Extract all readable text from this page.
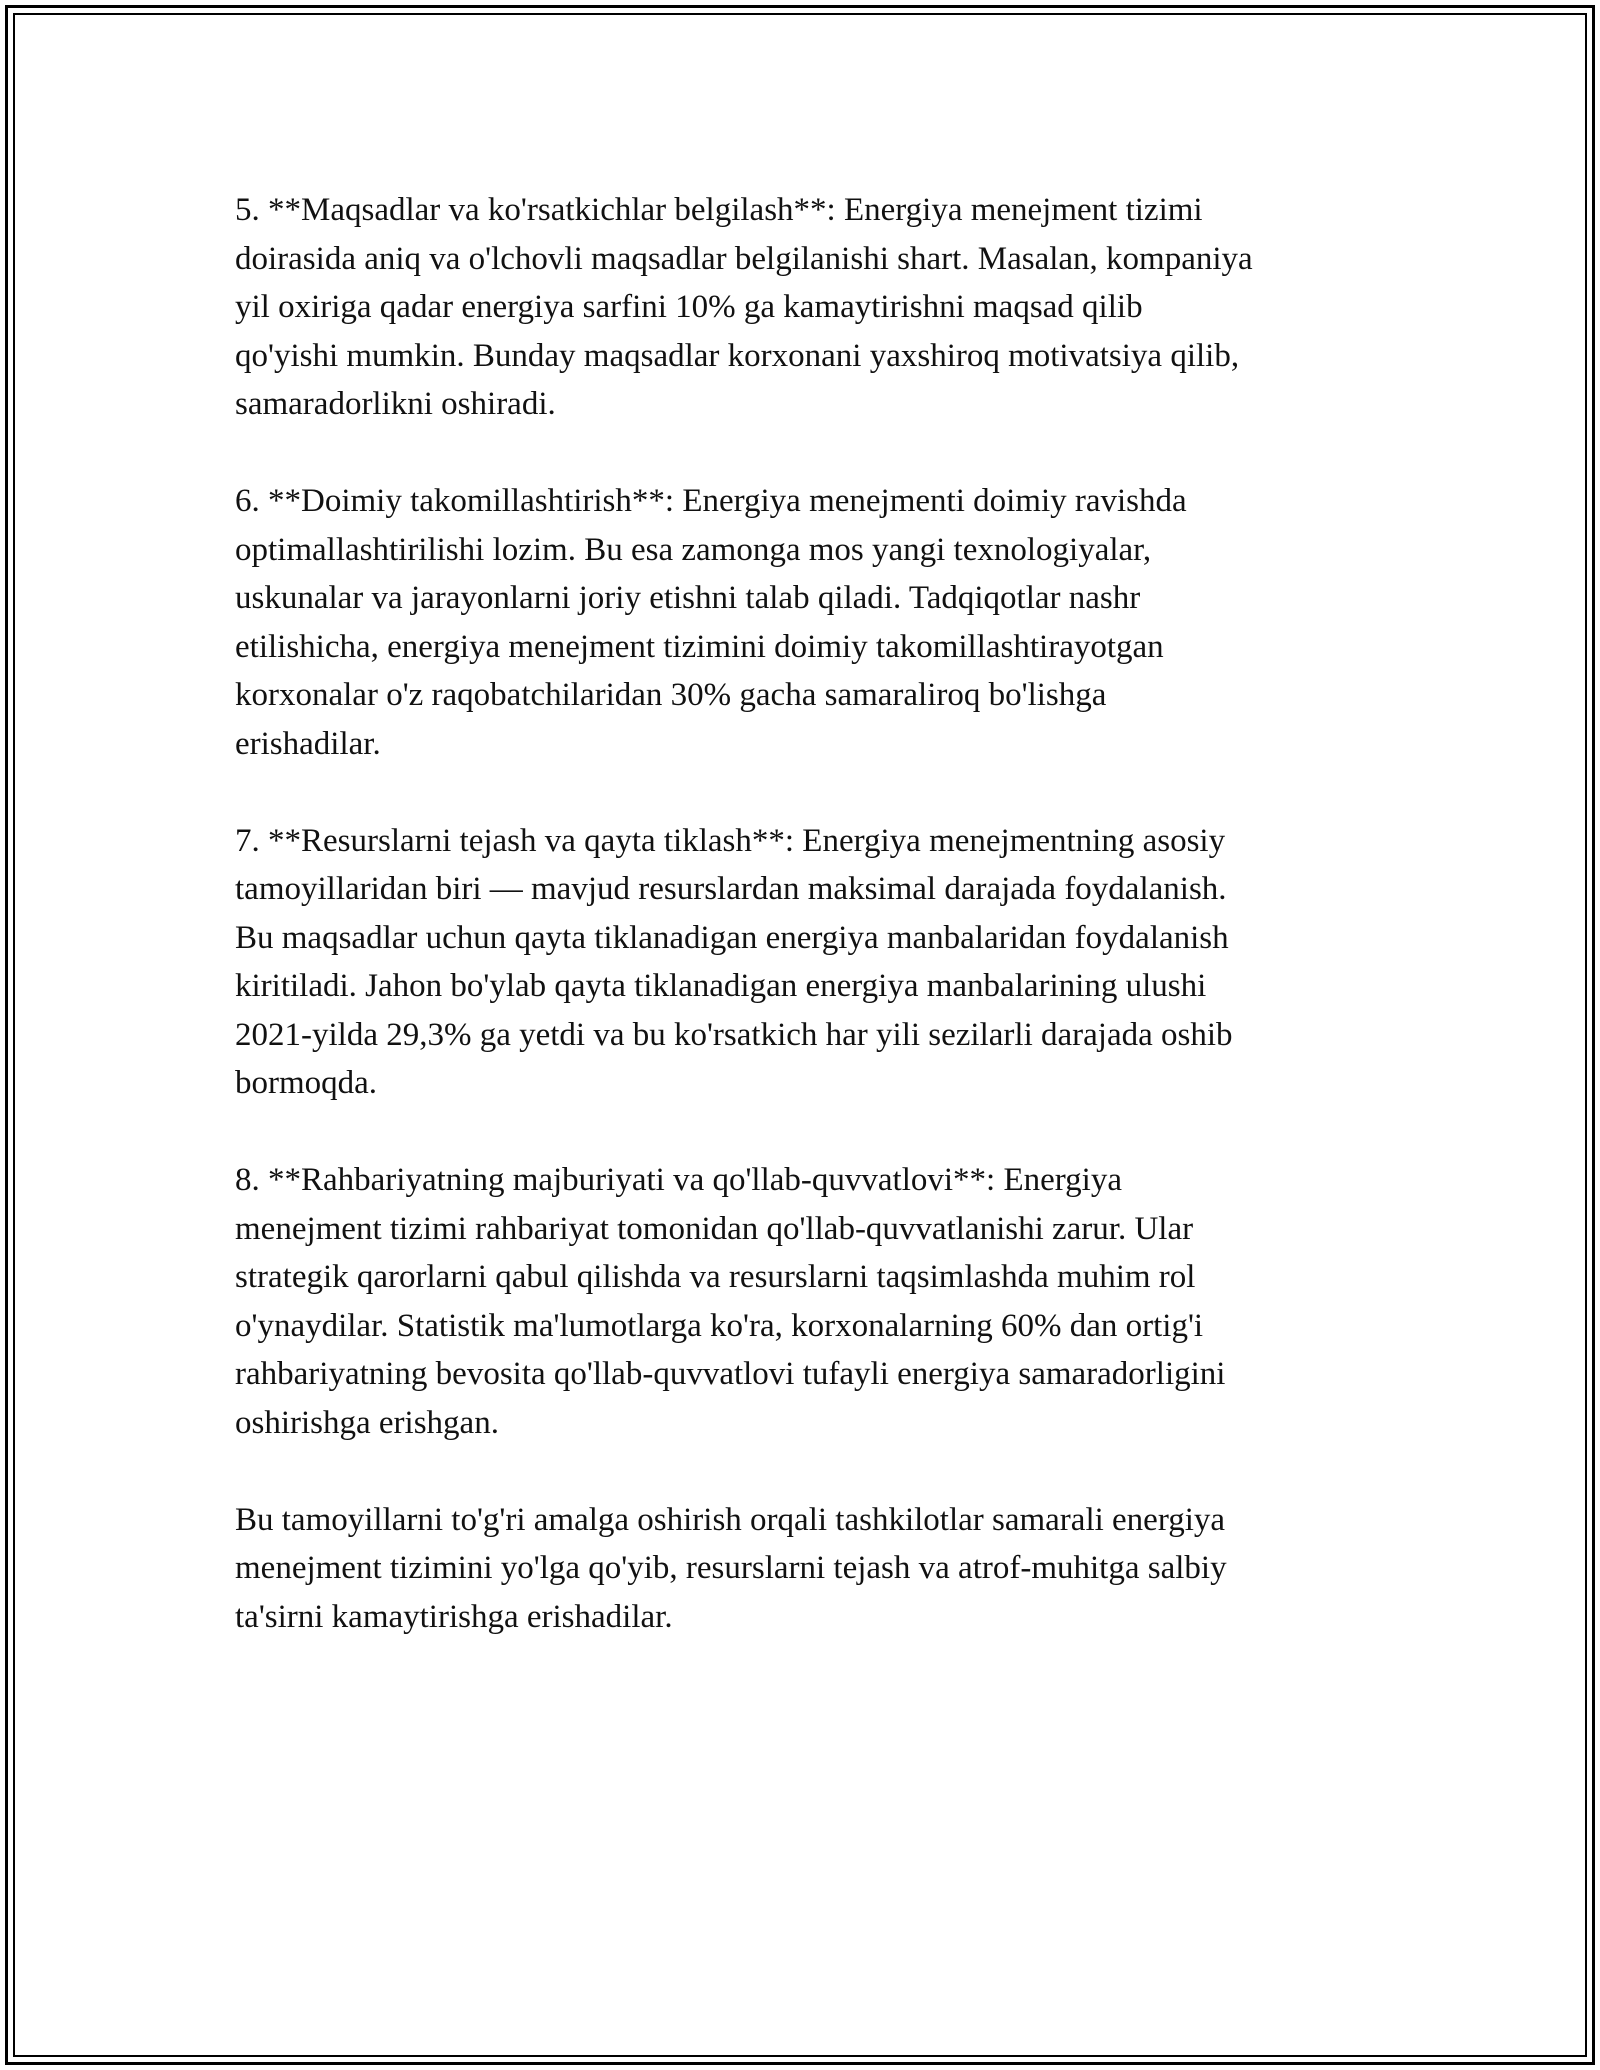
5. **Maqsadlar va ko'rsatkichlar belgilash**: Energiya menejment tizimi
doirasida aniq va o'lchovli maqsadlar belgilanishi shart. Masalan, kompaniya
yil oxiriga qadar energiya sarfini 10% ga kamaytirishni maqsad qilib
qo'yishi mumkin. Bunday maqsadlar korxonani yaxshiroq motivatsiya qilib,
samaradorlikni oshiradi.

6. **Doimiy takomillashtirish**: Energiya menejmenti doimiy ravishda
optimallashtirilishi lozim. Bu esa zamonga mos yangi texnologiyalar,
uskunalar va jarayonlarni joriy etishni talab qiladi. Tadqiqotlar nashr
etilishicha, energiya menejment tizimini doimiy takomillashtirayotgan
korxonalar o'z raqobatchilaridan 30% gacha samaraliroq bo'lishga
erishadilar.

7. **Resurslarni tejash va qayta tiklash**: Energiya menejmentning asosiy
tamoyillaridan biri — mavjud resurslardan maksimal darajada foydalanish.
Bu maqsadlar uchun qayta tiklanadigan energiya manbalaridan foydalanish
kiritiladi. Jahon bo'ylab qayta tiklanadigan energiya manbalarining ulushi
2021-yilda 29,3% ga yetdi va bu ko'rsatkich har yili sezilarli darajada oshib
bormoqda.

8. **Rahbariyatning majburiyati va qo'llab-quvvatlovi**: Energiya
menejment tizimi rahbariyat tomonidan qo'llab-quvvatlanishi zarur. Ular
strategik qarorlarni qabul qilishda va resurslarni taqsimlashda muhim rol
o'ynaydilar. Statistik ma'lumotlarga ko'ra, korxonalarning 60% dan ortig'i
rahbariyatning bevosita qo'llab-quvvatlovi tufayli energiya samaradorligini
oshirishga erishgan.

Bu tamoyillarni to'g'ri amalga oshirish orqali tashkilotlar samarali energiya
menejment tizimini yo'lga qo'yib, resurslarni tejash va atrof-muhitga salbiy
ta'sirni kamaytirishga erishadilar.
